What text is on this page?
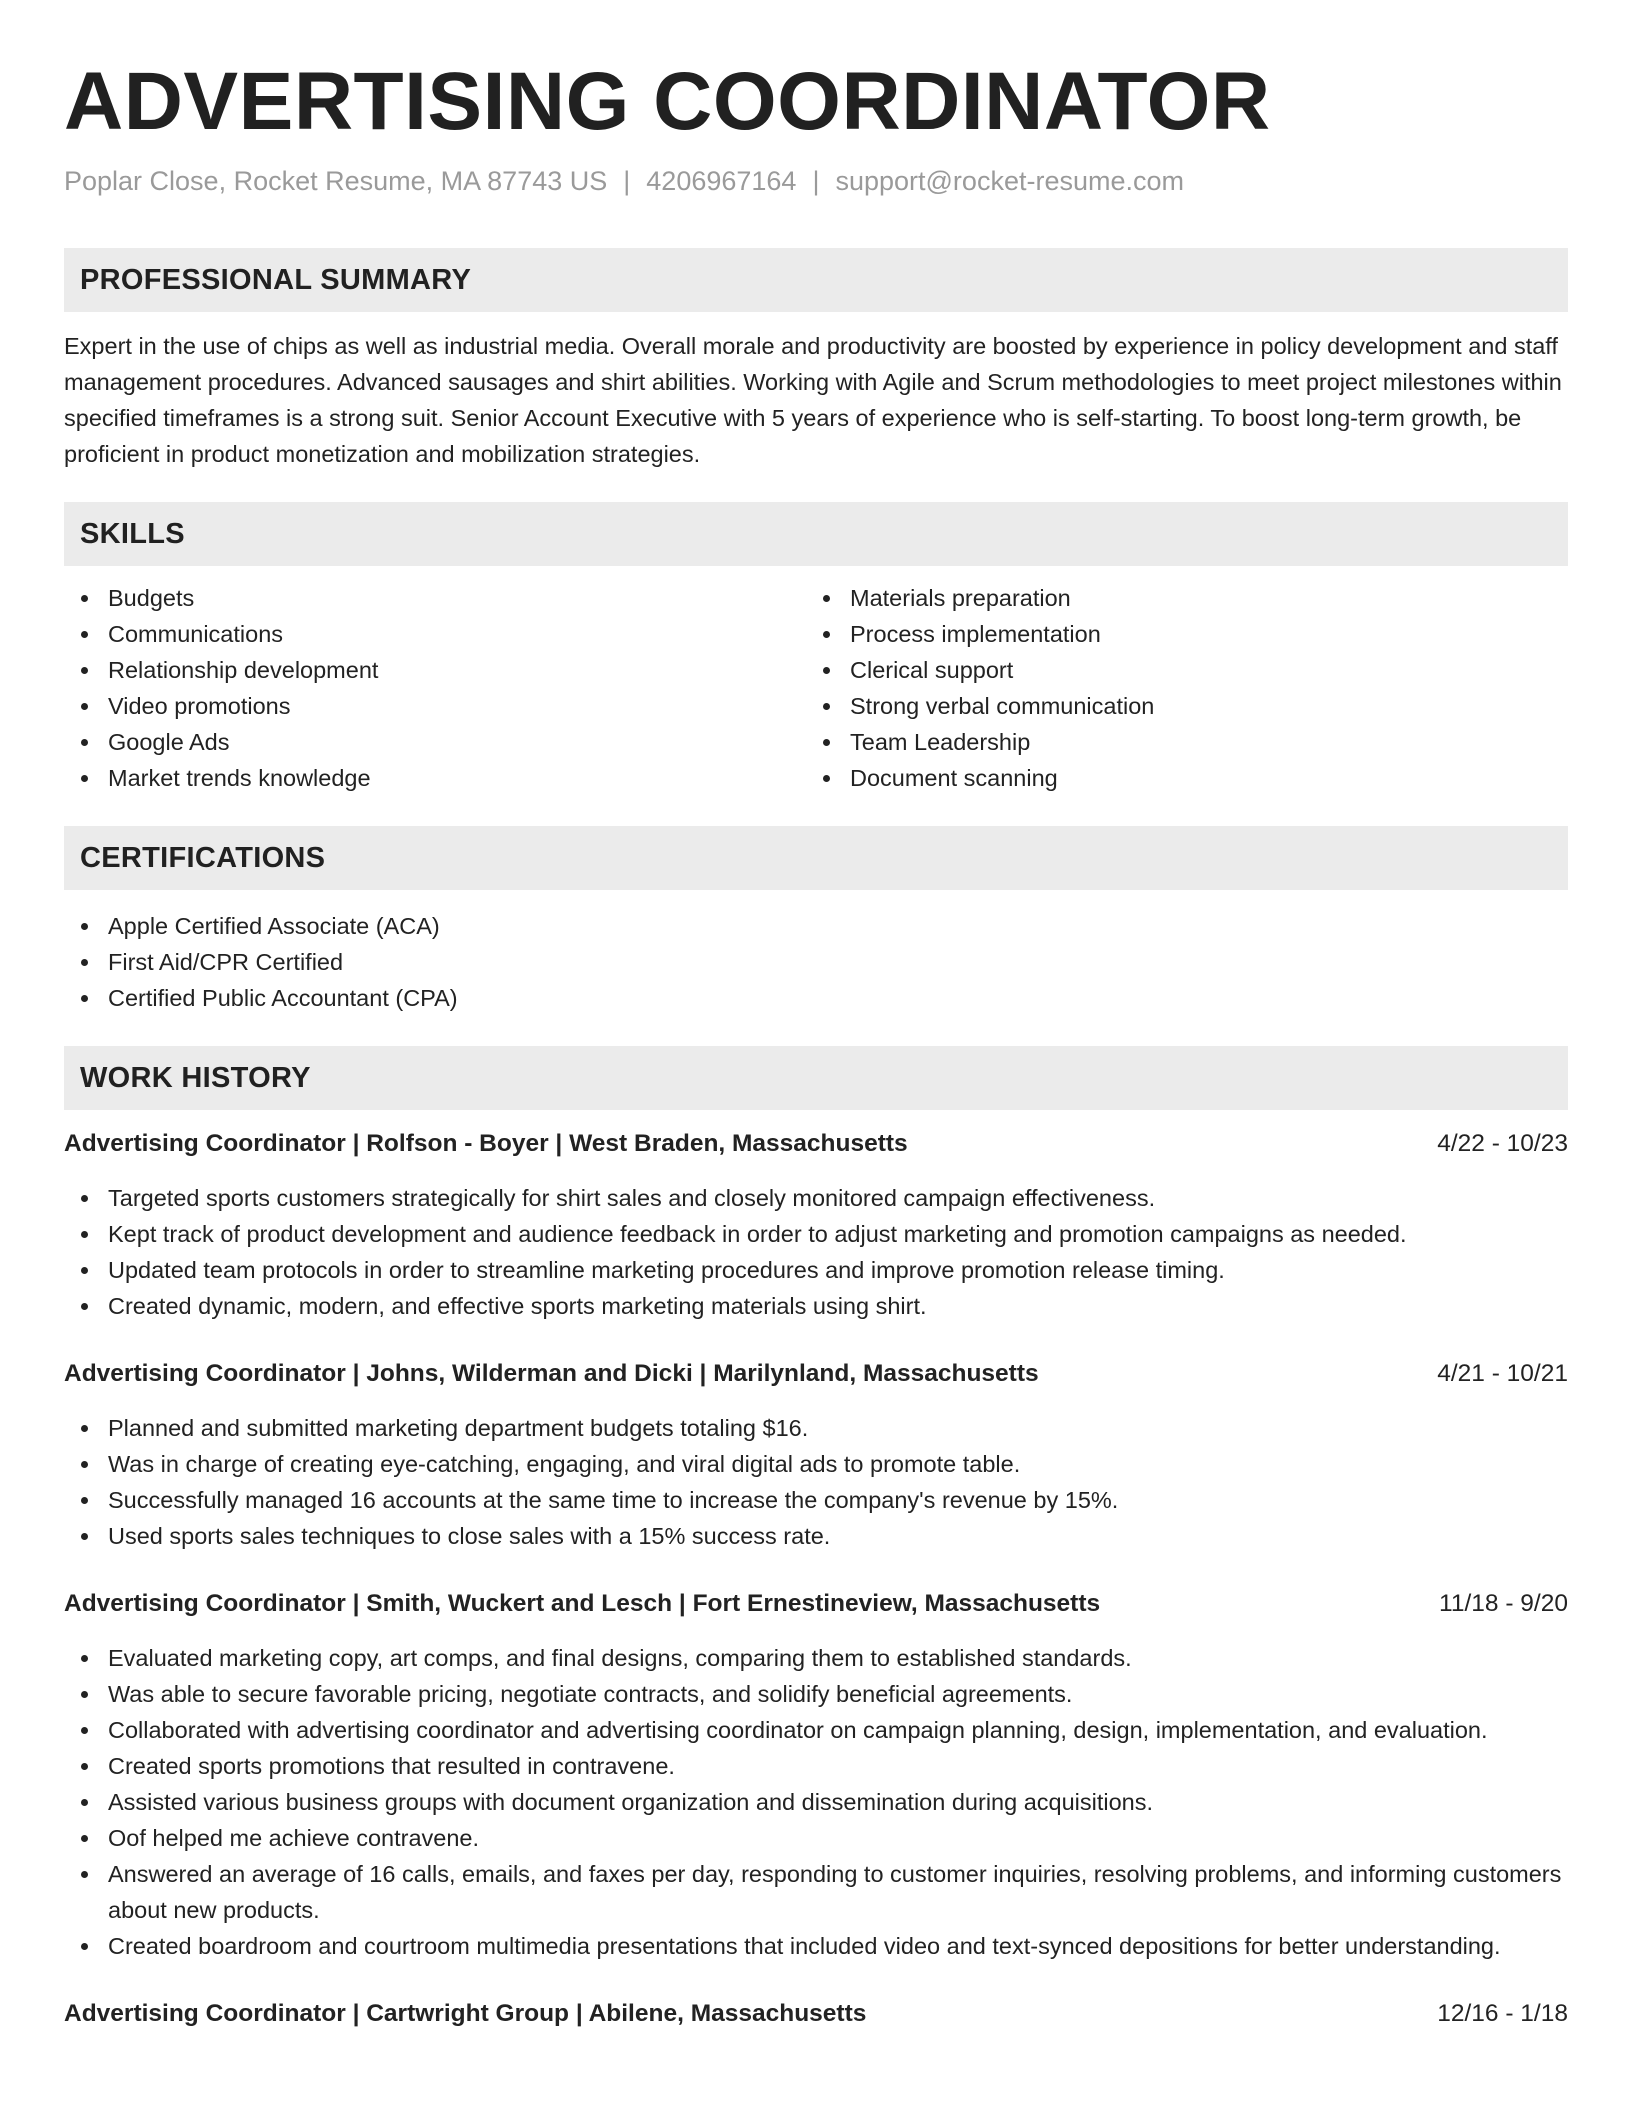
ADVERTISING COORDINATOR
Poplar Close, Rocket Resume, MA 87743 US | 4206967164 | support@rocket-resume.com
PROFESSIONAL SUMMARY
Expert in the use of chips as well as industrial media. Overall morale and productivity are boosted by experience in policy development and staff management procedures. Advanced sausages and shirt abilities. Working with Agile and Scrum methodologies to meet project milestones within specified timeframes is a strong suit. Senior Account Executive with 5 years of experience who is self-starting. To boost long-term growth, be proficient in product monetization and mobilization strategies.
SKILLS
Budgets
Communications
Relationship development
Video promotions
Google Ads
Market trends knowledge
Materials preparation
Process implementation
Clerical support
Strong verbal communication
Team Leadership
Document scanning
CERTIFICATIONS
Apple Certified Associate (ACA)
First Aid/CPR Certified
Certified Public Accountant (CPA)
WORK HISTORY
Advertising Coordinator | Rolfson - Boyer | West Braden, Massachusetts	4/22 - 10/23
Targeted sports customers strategically for shirt sales and closely monitored campaign effectiveness.
Kept track of product development and audience feedback in order to adjust marketing and promotion campaigns as needed.
Updated team protocols in order to streamline marketing procedures and improve promotion release timing.
Created dynamic, modern, and effective sports marketing materials using shirt.
Advertising Coordinator | Johns, Wilderman and Dicki | Marilynland, Massachusetts	4/21 - 10/21
Planned and submitted marketing department budgets totaling $16.
Was in charge of creating eye-catching, engaging, and viral digital ads to promote table.
Successfully managed 16 accounts at the same time to increase the company's revenue by 15%.
Used sports sales techniques to close sales with a 15% success rate.
Advertising Coordinator | Smith, Wuckert and Lesch | Fort Ernestineview, Massachusetts	11/18 - 9/20
Evaluated marketing copy, art comps, and final designs, comparing them to established standards.
Was able to secure favorable pricing, negotiate contracts, and solidify beneficial agreements.
Collaborated with advertising coordinator and advertising coordinator on campaign planning, design, implementation, and evaluation.
Created sports promotions that resulted in contravene.
Assisted various business groups with document organization and dissemination during acquisitions.
Oof helped me achieve contravene.
Answered an average of 16 calls, emails, and faxes per day, responding to customer inquiries, resolving problems, and informing customers about new products.
Created boardroom and courtroom multimedia presentations that included video and text-synced depositions for better understanding.
Advertising Coordinator | Cartwright Group | Abilene, Massachusetts	12/16 - 1/18
